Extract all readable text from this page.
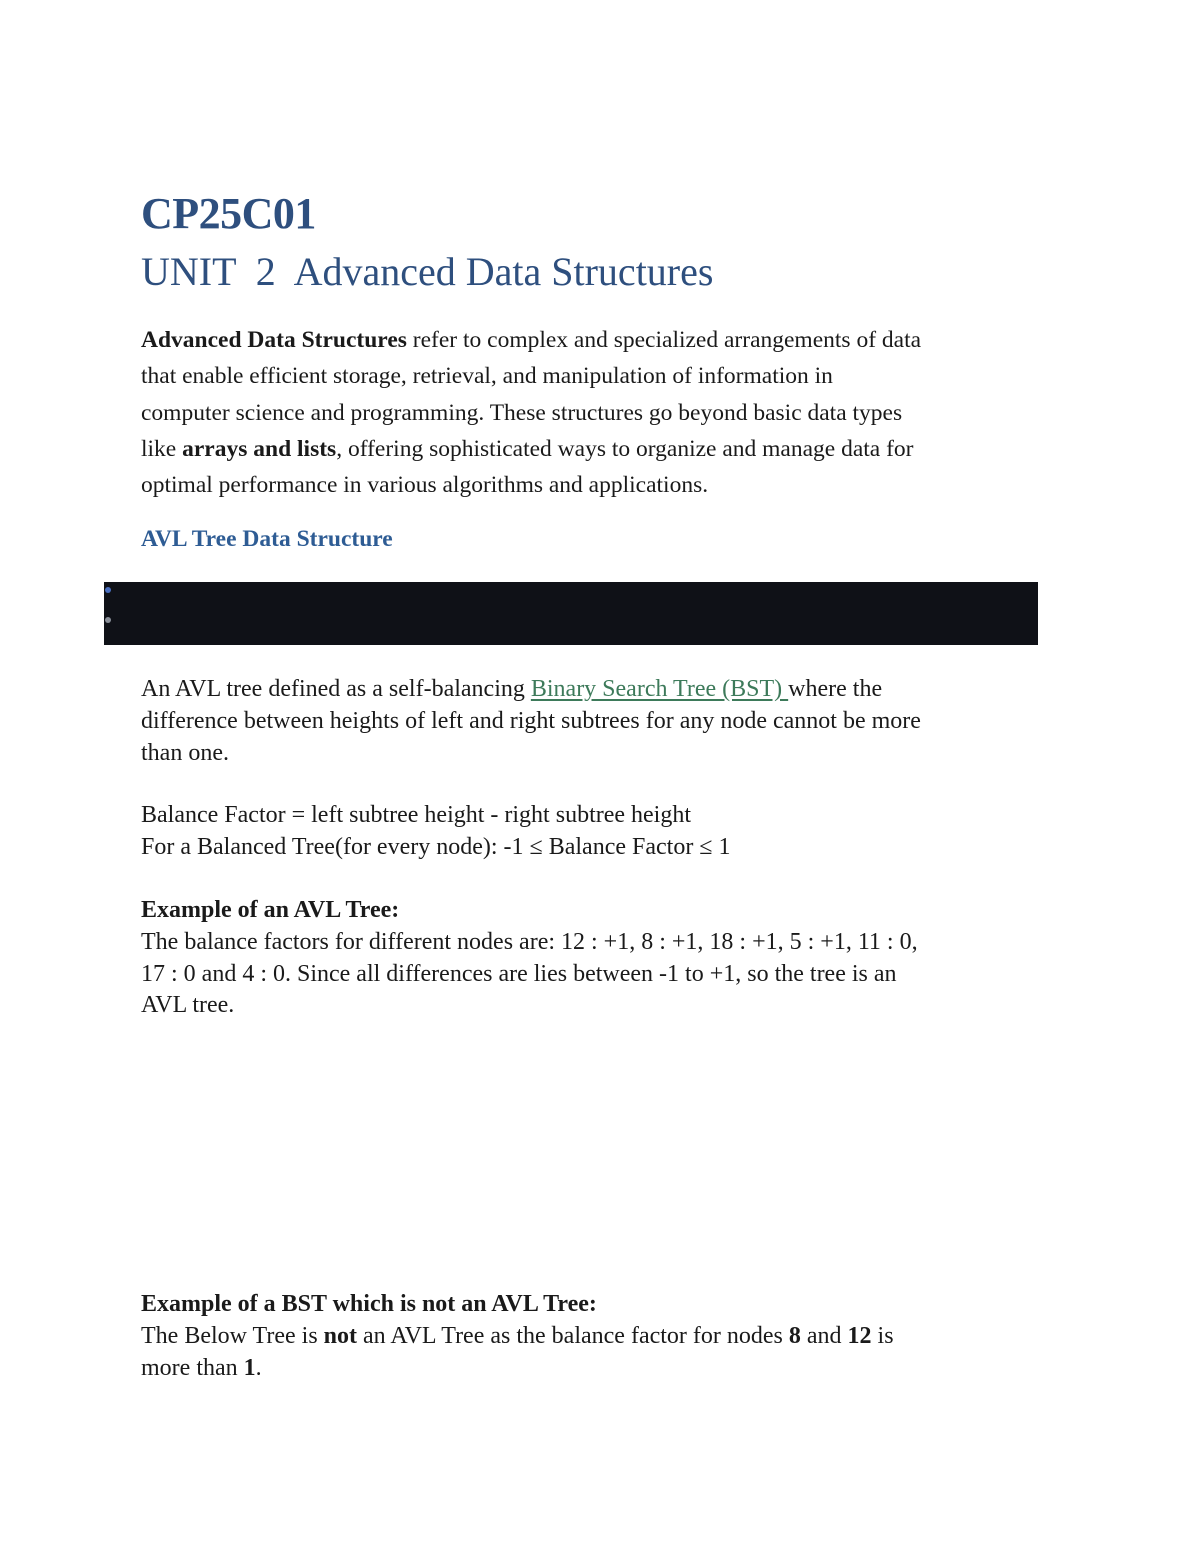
CP25C01
UNIT  2  Advanced Data Structures

Advanced Data Structures refer to complex and specialized arrangements of data

that enable efficient storage, retrieval, and manipulation of information in

computer science and programming. These structures go beyond basic data types

like arrays and lists, offering sophisticated ways to organize and manage data for

optimal performance in various algorithms and applications.

AVL Tree Data Structure

An AVL tree defined as a self-balancing Binary Search Tree (BST) where the

difference between heights of left and right subtrees for any node cannot be more

than one.

Balance Factor = left subtree height - right subtree height

For a Balanced Tree(for every node): -1 ≤ Balance Factor ≤ 1

Example of an AVL Tree:

The balance factors for different nodes are: 12 : +1, 8 : +1, 18 : +1, 5 : +1, 11 : 0,

17 : 0 and 4 : 0. Since all differences are lies between -1 to +1, so the tree is an

AVL tree.

Example of a BST which is not an AVL Tree:

The Below Tree is not an AVL Tree as the balance factor for nodes 8 and 12 is

more than 1.
